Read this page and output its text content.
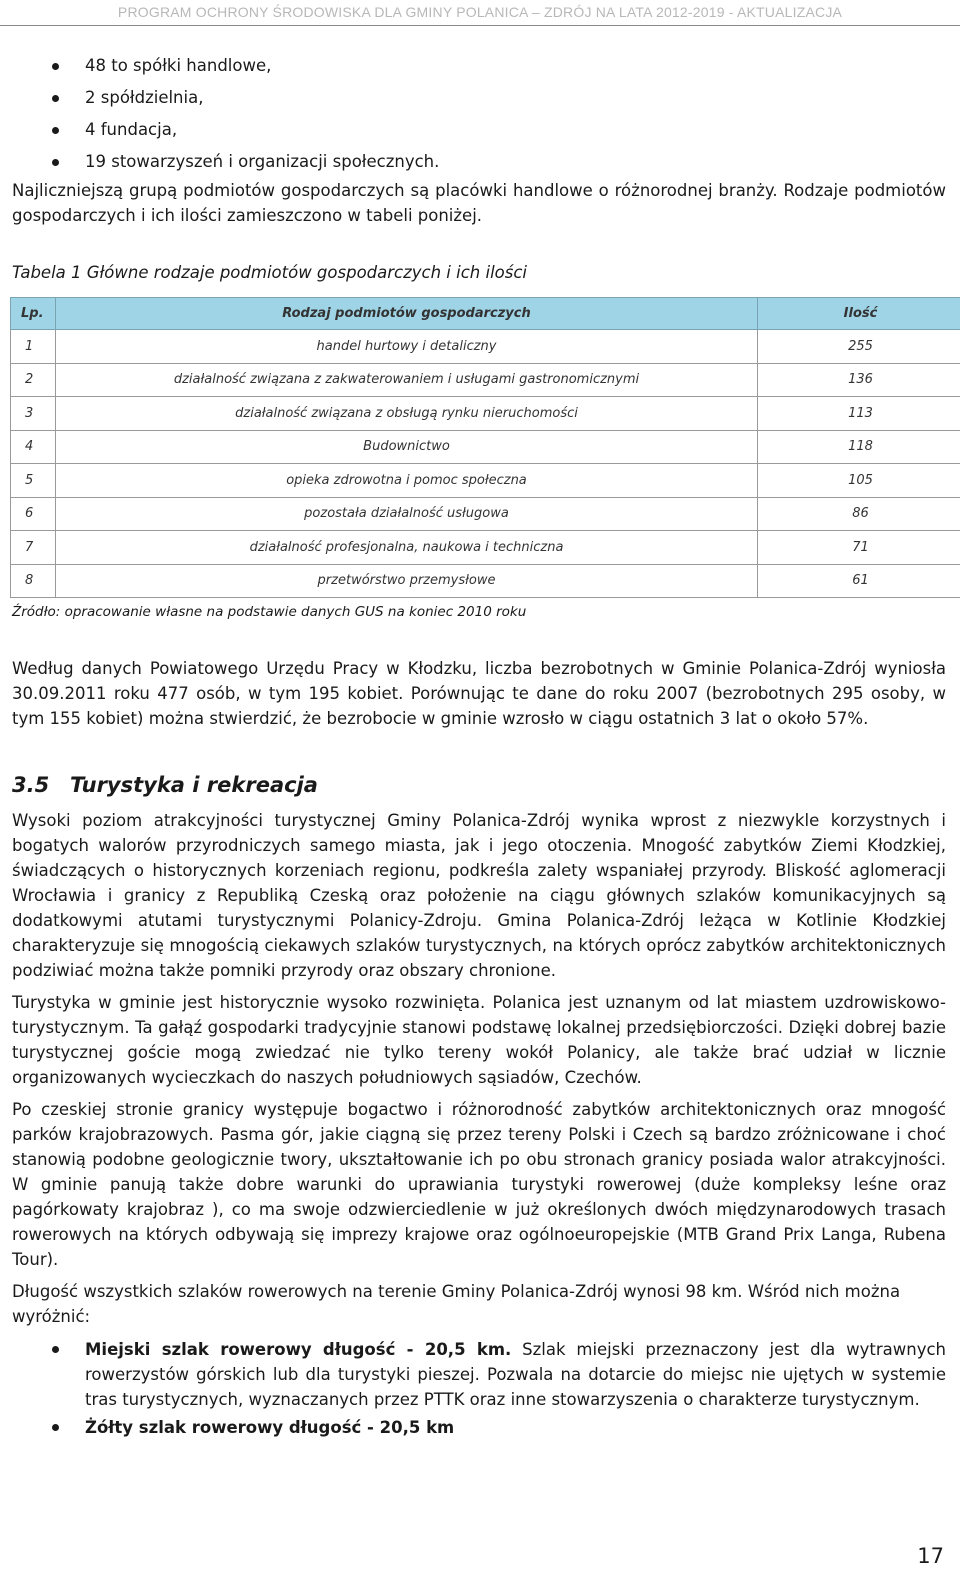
PROGRAM OCHRONY ŚRODOWISKA DLA GMINY POLANICA – ZDRÓJ NA LATA 2012-2019 - AKTUALIZACJA
48 to spółki handlowe,
2 spółdzielnia,
4 fundacja,
19 stowarzyszeń i organizacji społecznych.

Najliczniejszą grupą podmiotów gospodarczych są placówki handlowe o różnorodnej branży. Rodzaje podmiotów gospodarczych i ich ilości zamieszczono w tabeli poniżej.

Tabela 1 Główne rodzaje podmiotów gospodarczych i ich ilości
Lp.	Rodzaj podmiotów gospodarczych	Ilość
1	handel hurtowy i detaliczny	255
2	działalność związana z zakwaterowaniem i usługami gastronomicznymi	136
3	działalność związana z obsługą rynku nieruchomości	113
4	Budownictwo	118
5	opieka zdrowotna i pomoc społeczna	105
6	pozostała działalność usługowa	86
7	działalność profesjonalna, naukowa i techniczna	71
8	przetwórstwo przemysłowe	61
Źródło: opracowanie własne na podstawie danych GUS na koniec 2010 roku

Według danych Powiatowego Urzędu Pracy w Kłodzku, liczba bezrobotnych w Gminie Polanica-Zdrój wyniosła 30.09.2011 roku 477 osób, w tym 195 kobiet. Porównując te dane do roku 2007 (bezrobotnych 295 osoby, w tym 155 kobiet) można stwierdzić, że bezrobocie w gminie wzrosło w ciągu ostatnich 3 lat o około 57%.

3.5 Turystyka i rekreacja

Wysoki poziom atrakcyjności turystycznej Gminy Polanica-Zdrój wynika wprost z niezwykle korzystnych i bogatych walorów przyrodniczych samego miasta, jak i jego otoczenia. Mnogość zabytków Ziemi Kłodzkiej, świadczących o historycznych korzeniach regionu, podkreśla zalety wspaniałej przyrody. Bliskość aglomeracji Wrocławia i granicy z Republiką Czeską oraz położenie na ciągu głównych szlaków komunikacyjnych są dodatkowymi atutami turystycznymi Polanicy-Zdroju. Gmina Polanica-Zdrój leżąca w Kotlinie Kłodzkiej charakteryzuje się mnogością ciekawych szlaków turystycznych, na których oprócz zabytków architektonicznych podziwiać można także pomniki przyrody oraz obszary chronione.

Turystyka w gminie jest historycznie wysoko rozwinięta. Polanica jest uznanym od lat miastem uzdrowiskowo-turystycznym. Ta gałąź gospodarki tradycyjnie stanowi podstawę lokalnej przedsiębiorczości. Dzięki dobrej bazie turystycznej goście mogą zwiedzać nie tylko tereny wokół Polanicy, ale także brać udział w licznie organizowanych wycieczkach do naszych południowych sąsiadów, Czechów.

Po czeskiej stronie granicy występuje bogactwo i różnorodność zabytków architektonicznych oraz mnogość parków krajobrazowych. Pasma gór, jakie ciągną się przez tereny Polski i Czech są bardzo zróżnicowane i choć stanowią podobne geologicznie twory, ukształtowanie ich po obu stronach granicy posiada walor atrakcyjności. W gminie panują także dobre warunki do uprawiania turystyki rowerowej (duże kompleksy leśne oraz pagórkowaty krajobraz ), co ma swoje odzwierciedlenie w już określonych dwóch międzynarodowych trasach rowerowych na których odbywają się imprezy krajowe oraz ogólnoeuropejskie (MTB Grand Prix Langa, Rubena Tour).

Długość wszystkich szlaków rowerowych na terenie Gminy Polanica-Zdrój wynosi 98 km. Wśród nich można wyróżnić:

Miejski szlak rowerowy długość - 20,5 km. Szlak miejski przeznaczony jest dla wytrawnych rowerzystów górskich lub dla turystyki pieszej. Pozwala na dotarcie do miejsc nie ujętych w systemie tras turystycznych, wyznaczanych przez PTTK oraz inne stowarzyszenia o charakterze turystycznym.
Żółty szlak rowerowy długość - 20,5 km
17
